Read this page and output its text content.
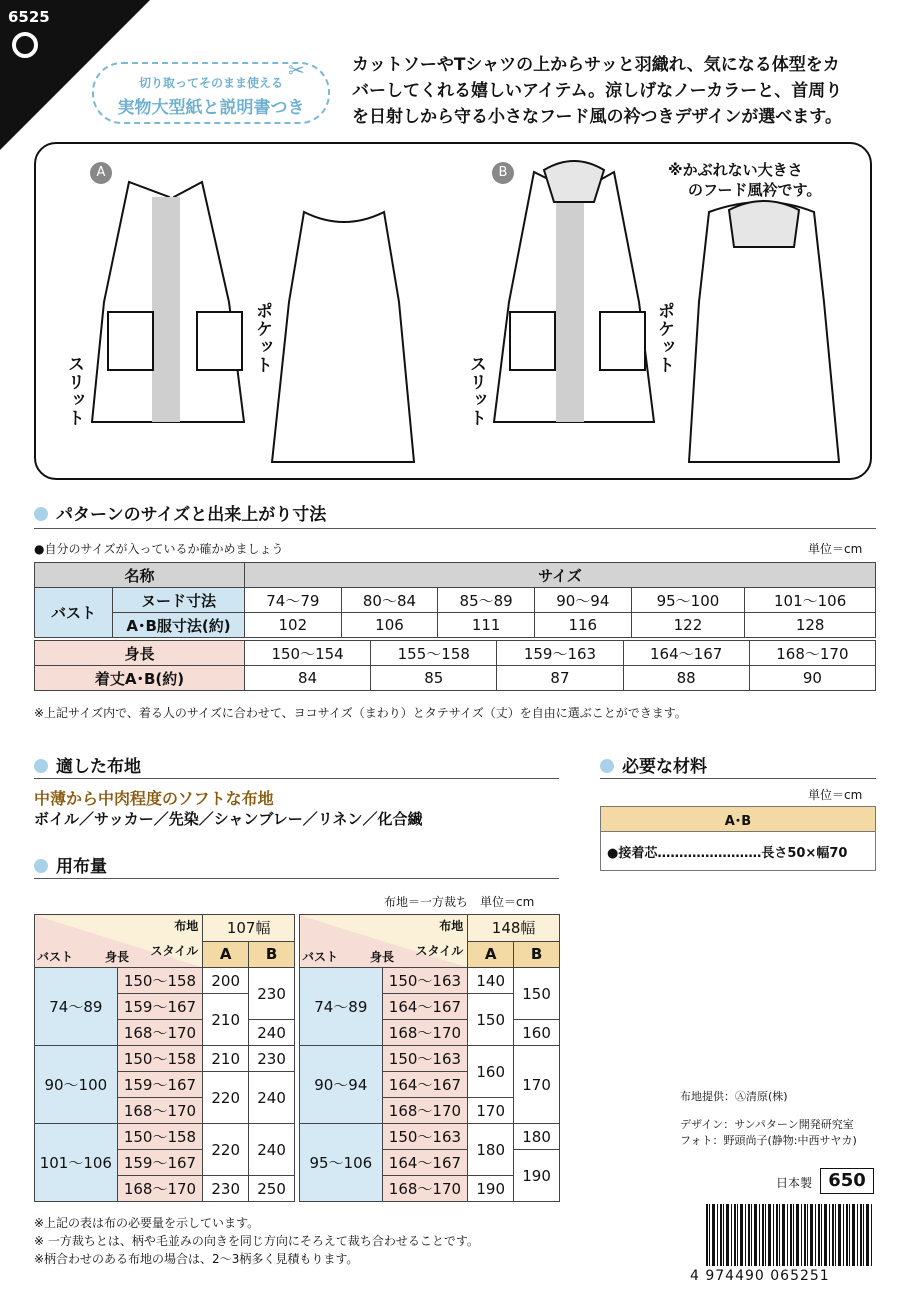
6525
切り取ってそのまま使える
実物大型紙と説明書つき
✂	カットソーやTシャツの上からサッと羽織れ、気になる体型をカ
バーしてくれる嬉しいアイテム。涼しげなノーカラーと、首周り
を日射しから守る小さなフード風の衿つきデザインが選べます。
A	B
ポケット
スリット
ポケット
スリット
※かぶれない大きさ
のフード風衿です。
パターンのサイズと出来上がり寸法
●自分のサイズが入っているか確かめましょう	単位＝cm
名称		サイズ					
バスト	ヌード寸法	74〜79	80〜84	85〜89	90〜94	95〜100	101〜106
	A･B服寸法(約)	102	106	111	116	122	128
身長	150〜154	155〜158	159〜163	164〜167	168〜170
着丈A･B(約)	84	85	87	88	90
※上記サイズ内で、着る人のサイズに合わせて、ヨコサイズ（まわり）とタテサイズ（丈）を自由に選ぶことができます。
適した布地
中薄から中肉程度のソフトな布地
ボイル／サッカー／先染／シャンブレー／リネン／化合繊
必要な材料
単位＝cm
A･B
●接着芯……………………長さ50×幅70
用布量
布地＝一方裁ち　単位＝cm
布地
スタイル
バスト 身長		107幅	
		A	B
74〜89	150〜158	200	230
	159〜167	210	
	168〜170		240
90〜100	150〜158	210	230
	159〜167	220	240
	168〜170		
101〜106	150〜158	220	240
	159〜167		
	168〜170	230	250
布地
スタイル
バスト 身長		148幅	
		A	B
74〜89	150〜163	140	150
	164〜167	150	
	168〜170		160
90〜94	150〜163	160	170
	164〜167		
	168〜170	170	
95〜106	150〜163	180	180
	164〜167		190
	168〜170	190	
※上記の表は布の必要量を示しています。
※ 一方裁ちとは、柄や毛並みの向きを同じ方向にそろえて裁ち合わせることです。
※柄合わせのある布地の場合は、2〜3柄多く見積もります。
布地提供：Ⓐ清原(株)
デザイン：サンパターン開発研究室
フォト：野頭尚子(静物:中西サヤカ)
日本製 650
4 974490 065251
